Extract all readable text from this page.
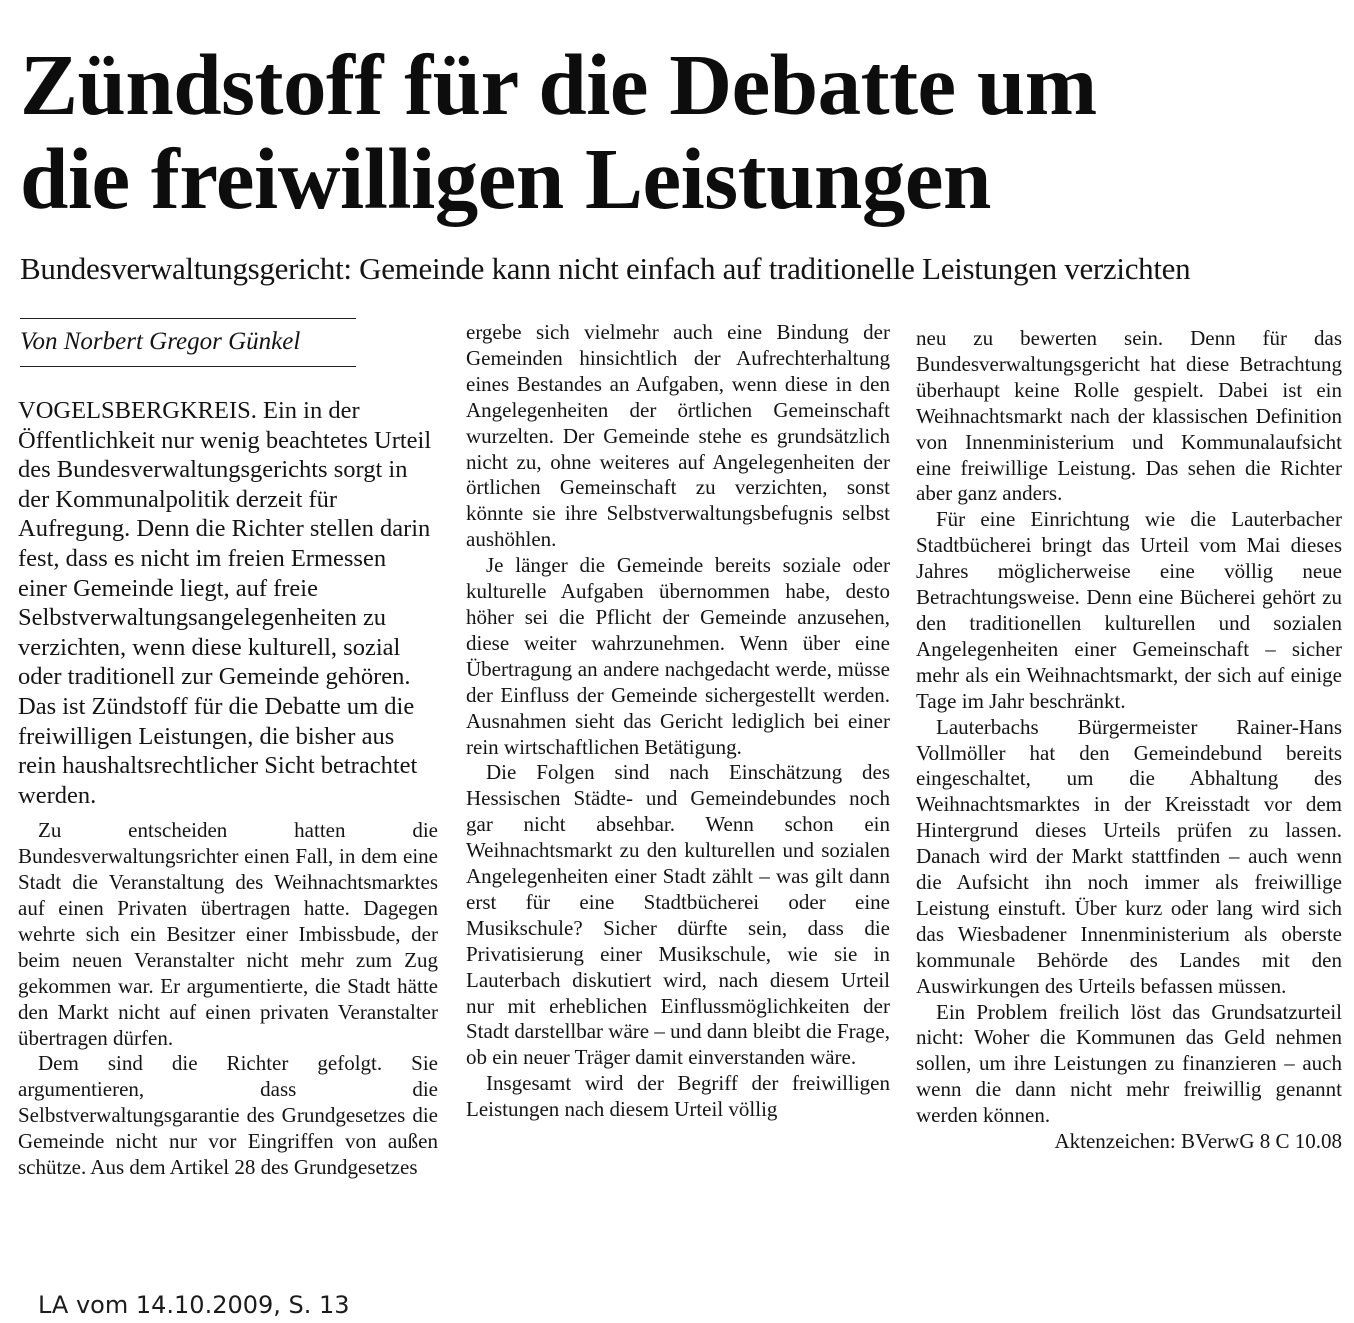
Zündstoff für die Debatte um
die freiwilligen Leistungen
Bundesverwaltungsgericht: Gemeinde kann nicht einfach auf traditionelle Leistungen verzichten
Von Norbert Gregor Günkel

VOGELSBERGKREIS. Ein in der Öffentlichkeit nur wenig beachtetes Urteil des Bundesverwaltungsgerichts sorgt in der Kommunalpolitik derzeit für Aufregung. Denn die Richter stellen darin fest, dass es nicht im freien Ermessen einer Gemeinde liegt, auf freie Selbstverwaltungsangelegenheiten zu verzichten, wenn diese kulturell, sozial oder traditionell zur Gemeinde gehören. Das ist Zündstoff für die Debatte um die freiwilligen Leistungen, die bisher aus rein haushaltsrechtlicher Sicht betrachtet werden.

Zu entscheiden hatten die Bundesverwaltungsrichter einen Fall, in dem eine Stadt die Veranstaltung des Weihnachtsmarktes auf einen Privaten übertragen hatte. Dagegen wehrte sich ein Besitzer einer Imbissbude, der beim neuen Veranstalter nicht mehr zum Zug gekommen war. Er argumentierte, die Stadt hätte den Markt nicht auf einen privaten Veranstalter übertragen dürfen.

Dem sind die Richter gefolgt. Sie argumentieren, dass die Selbstverwaltungsgarantie des Grundgesetzes die Gemeinde nicht nur vor Eingriffen von außen schütze. Aus dem Artikel 28 des Grundgesetzes

ergebe sich vielmehr auch eine Bindung der Gemeinden hinsichtlich der Aufrechterhaltung eines Bestandes an Aufgaben, wenn diese in den Angelegenheiten der örtlichen Gemeinschaft wurzelten. Der Gemeinde stehe es grundsätzlich nicht zu, ohne weiteres auf Angelegenheiten der örtlichen Gemeinschaft zu verzichten, sonst könnte sie ihre Selbstverwaltungsbefugnis selbst aushöhlen.

Je länger die Gemeinde bereits soziale oder kulturelle Aufgaben übernommen habe, desto höher sei die Pflicht der Gemeinde anzusehen, diese weiter wahrzunehmen. Wenn über eine Übertragung an andere nachgedacht werde, müsse der Einfluss der Gemeinde sichergestellt werden. Ausnahmen sieht das Gericht lediglich bei einer rein wirtschaftlichen Betätigung.

Die Folgen sind nach Einschätzung des Hessischen Städte- und Gemeindebundes noch gar nicht absehbar. Wenn schon ein Weihnachtsmarkt zu den kulturellen und sozialen Angelegenheiten einer Stadt zählt – was gilt dann erst für eine Stadtbücherei oder eine Musikschule? Sicher dürfte sein, dass die Privatisierung einer Musikschule, wie sie in Lauterbach diskutiert wird, nach diesem Urteil nur mit erheblichen Einflussmöglichkeiten der Stadt darstellbar wäre – und dann bleibt die Frage, ob ein neuer Träger damit einverstanden wäre.

Insgesamt wird der Begriff der freiwilligen Leistungen nach diesem Urteil völlig

neu zu bewerten sein. Denn für das Bundesverwaltungsgericht hat diese Betrachtung überhaupt keine Rolle gespielt. Dabei ist ein Weihnachtsmarkt nach der klassischen Definition von Innenministerium und Kommunalaufsicht eine freiwillige Leistung. Das sehen die Richter aber ganz anders.

Für eine Einrichtung wie die Lauterbacher Stadtbücherei bringt das Urteil vom Mai dieses Jahres möglicherweise eine völlig neue Betrachtungsweise. Denn eine Bücherei gehört zu den traditionellen kulturellen und sozialen Angelegenheiten einer Gemeinschaft – sicher mehr als ein Weihnachtsmarkt, der sich auf einige Tage im Jahr beschränkt.

Lauterbachs Bürgermeister Rainer-Hans Vollmöller hat den Gemeindebund bereits eingeschaltet, um die Abhaltung des Weihnachtsmarktes in der Kreisstadt vor dem Hintergrund dieses Urteils prüfen zu lassen. Danach wird der Markt stattfinden – auch wenn die Aufsicht ihn noch immer als freiwillige Leistung einstuft. Über kurz oder lang wird sich das Wiesbadener Innenministerium als oberste kommunale Behörde des Landes mit den Auswirkungen des Urteils befassen müssen.

Ein Problem freilich löst das Grundsatzurteil nicht: Woher die Kommunen das Geld nehmen sollen, um ihre Leistungen zu finanzieren – auch wenn die dann nicht mehr freiwillig genannt werden können.

Aktenzeichen: BVerwG 8 C 10.08

LA vom 14.10.2009, S. 13
